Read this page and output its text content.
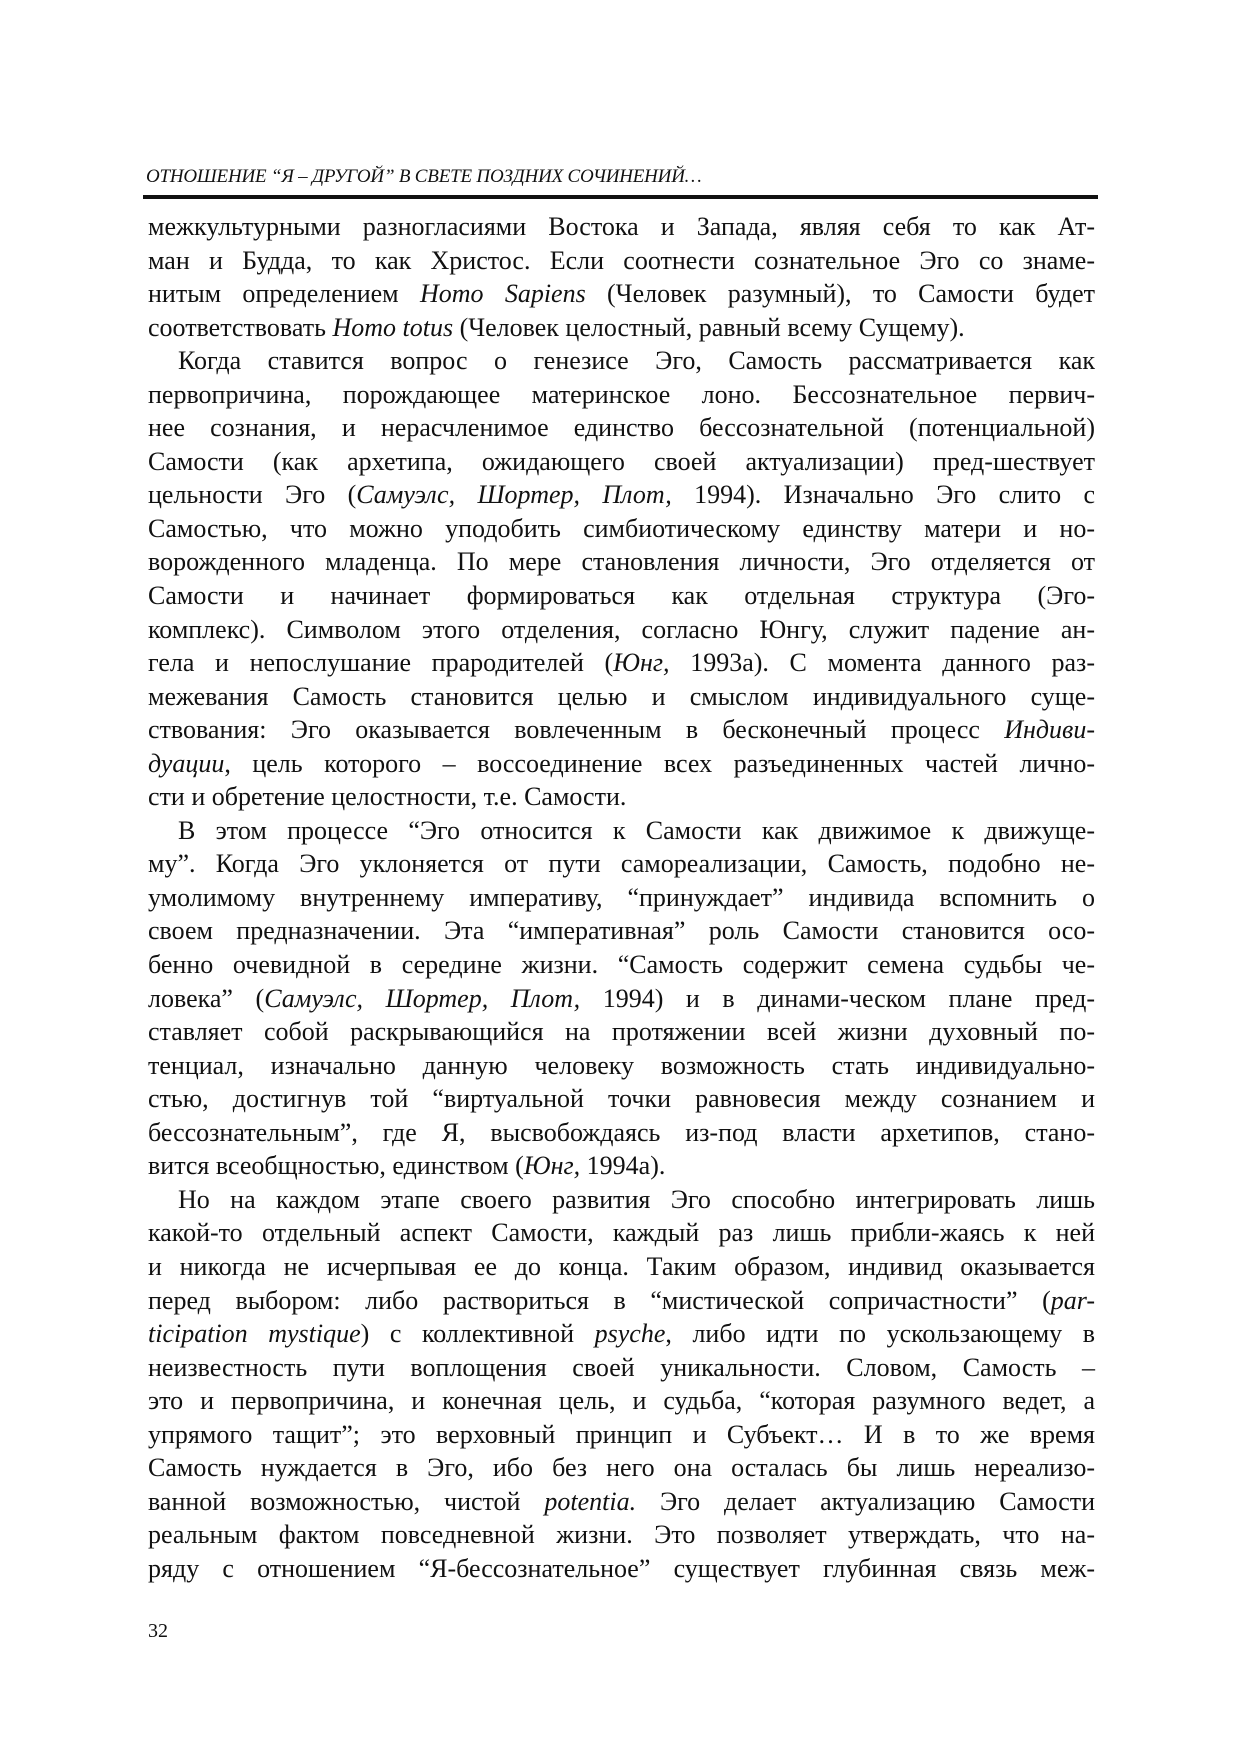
ОТНОШЕНИЕ “Я – ДРУГОЙ” В СВЕТЕ ПОЗДНИХ СОЧИНЕНИЙ…
межкультурными разногласиями Востока и Запада, являя себя то как Ат-
ман и Будда, то как Христос. Если соотнести сознательное Эго со знаме-
нитым определением Homo Sapiens (Человек разумный), то Самости будет
соответствовать Homo totus (Человек целостный, равный всему Сущему).
Когда ставится вопрос о генезисе Эго, Самость рассматривается как
первопричина, порождающее материнское лоно. Бессознательное первич-
нее сознания, и нерасчленимое единство бессознательной (потенциальной)
Самости (как архетипа, ожидающего своей актуализации) пред-шествует
цельности Эго (Самуэлс, Шортер, Плот, 1994). Изначально Эго слито с
Самостью, что можно уподобить симбиотическому единству матери и но-
ворожденного младенца. По мере становления личности, Эго отделяется от
Самости и начинает формироваться как отдельная структура (Эго-
комплекс). Символом этого отделения, согласно Юнгу, служит падение ан-
гела и непослушание прародителей (Юнг, 1993а). С момента данного раз-
межевания Самость становится целью и смыслом индивидуального суще-
ствования: Эго оказывается вовлеченным в бесконечный процесс Индиви-
дуации, цель которого – воссоединение всех разъединенных частей лично-
сти и обретение целостности, т.е. Самости.
В этом процессе “Эго относится к Самости как движимое к движуще-
му”. Когда Эго уклоняется от пути самореализации, Самость, подобно не-
умолимому внутреннему императиву, “принуждает” индивида вспомнить о
своем предназначении. Эта “императивная” роль Самости становится осо-
бенно очевидной в середине жизни. “Самость содержит семена судьбы че-
ловека” (Самуэлс, Шортер, Плот, 1994) и в динами-ческом плане пред-
ставляет собой раскрывающийся на протяжении всей жизни духовный по-
тенциал, изначально данную человеку возможность стать индивидуально-
стью, достигнув той “виртуальной точки равновесия между сознанием и
бессознательным”, где Я, высвобождаясь из-под власти архетипов, стано-
вится всеобщностью, единством (Юнг, 1994а).
Но на каждом этапе своего развития Эго способно интегрировать лишь
какой-то отдельный аспект Самости, каждый раз лишь прибли-жаясь к ней
и никогда не исчерпывая ее до конца. Таким образом, индивид оказывается
перед выбором: либо раствориться в “мистической сопричастности” (par-
ticipation mystique) с коллективной psyche, либо идти по ускользающему в
неизвестность пути воплощения своей уникальности. Словом, Самость –
это и первопричина, и конечная цель, и судьба, “которая разумного ведет, а
упрямого тащит”; это верховный принцип и Субъект… И в то же время
Самость нуждается в Эго, ибо без него она осталась бы лишь нереализо-
ванной возможностью, чистой potentia. Эго делает актуализацию Самости
реальным фактом повседневной жизни. Это позволяет утверждать, что на-
ряду с отношением “Я-бессознательное” существует глубинная связь меж-
32
